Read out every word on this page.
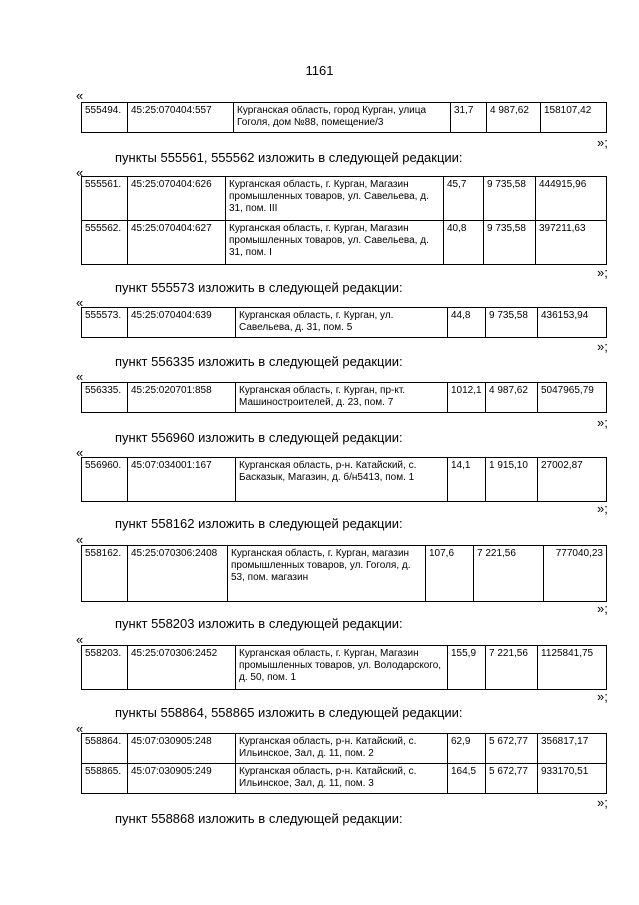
1161
«
555494.	45:25:070404:557	Курганская область, город Курган, улица Гоголя, дом №88, помещение/3	31,7	4 987,62	158107,42
»;
пункты 555561, 555562 изложить в следующей редакции:
«
555561.	45:25:070404:626	Курганская область, г. Курган, Магазин промышленных товаров, ул. Савельева, д. 31, пом. III	45,7	9 735,58	444915,96
555562.	45:25:070404:627	Курганская область, г. Курган, Магазин промышленных товаров, ул. Савельева, д. 31, пом. I	40,8	9 735,58	397211,63
»;
пункт 555573 изложить в следующей редакции:
«
555573.	45:25:070404:639	Курганская область, г. Курган, ул. Савельева, д. 31, пом. 5	44,8	9 735,58	436153,94
»;
пункт 556335 изложить в следующей редакции:
«
556335.	45:25:020701:858	Курганская область, г. Курган, пр-кт. Машиностроителей, д. 23, пом. 7	1012,1	4 987,62	5047965,79
»;
пункт 556960 изложить в следующей редакции:
«
556960.	45:07:034001:167	Курганская область, р-н. Катайский, с. Басказык, Магазин, д. б/н5413, пом. 1	14,1	1 915,10	27002,87
»;
пункт 558162 изложить в следующей редакции:
«
558162.	45:25:070306:2408	Курганская область, г. Курган, магазин промышленных товаров, ул. Гоголя, д. 53, пом. магазин	107,6	7 221,56	777040,23
»;
пункт 558203 изложить в следующей редакции:
«
558203.	45:25:070306:2452	Курганская область, г. Курган, Магазин промышленных товаров, ул. Володарского, д. 50, пом. 1	155,9	7 221,56	1125841,75
»;
пункты 558864, 558865 изложить в следующей редакции:
«
558864.	45:07:030905:248	Курганская область, р-н. Катайский, с. Ильинское, Зал, д. 11, пом. 2	62,9	5 672,77	356817,17
558865.	45:07:030905:249	Курганская область, р-н. Катайский, с. Ильинское, Зал, д. 11, пом. 3	164,5	5 672,77	933170,51
»;
пункт 558868 изложить в следующей редакции:
